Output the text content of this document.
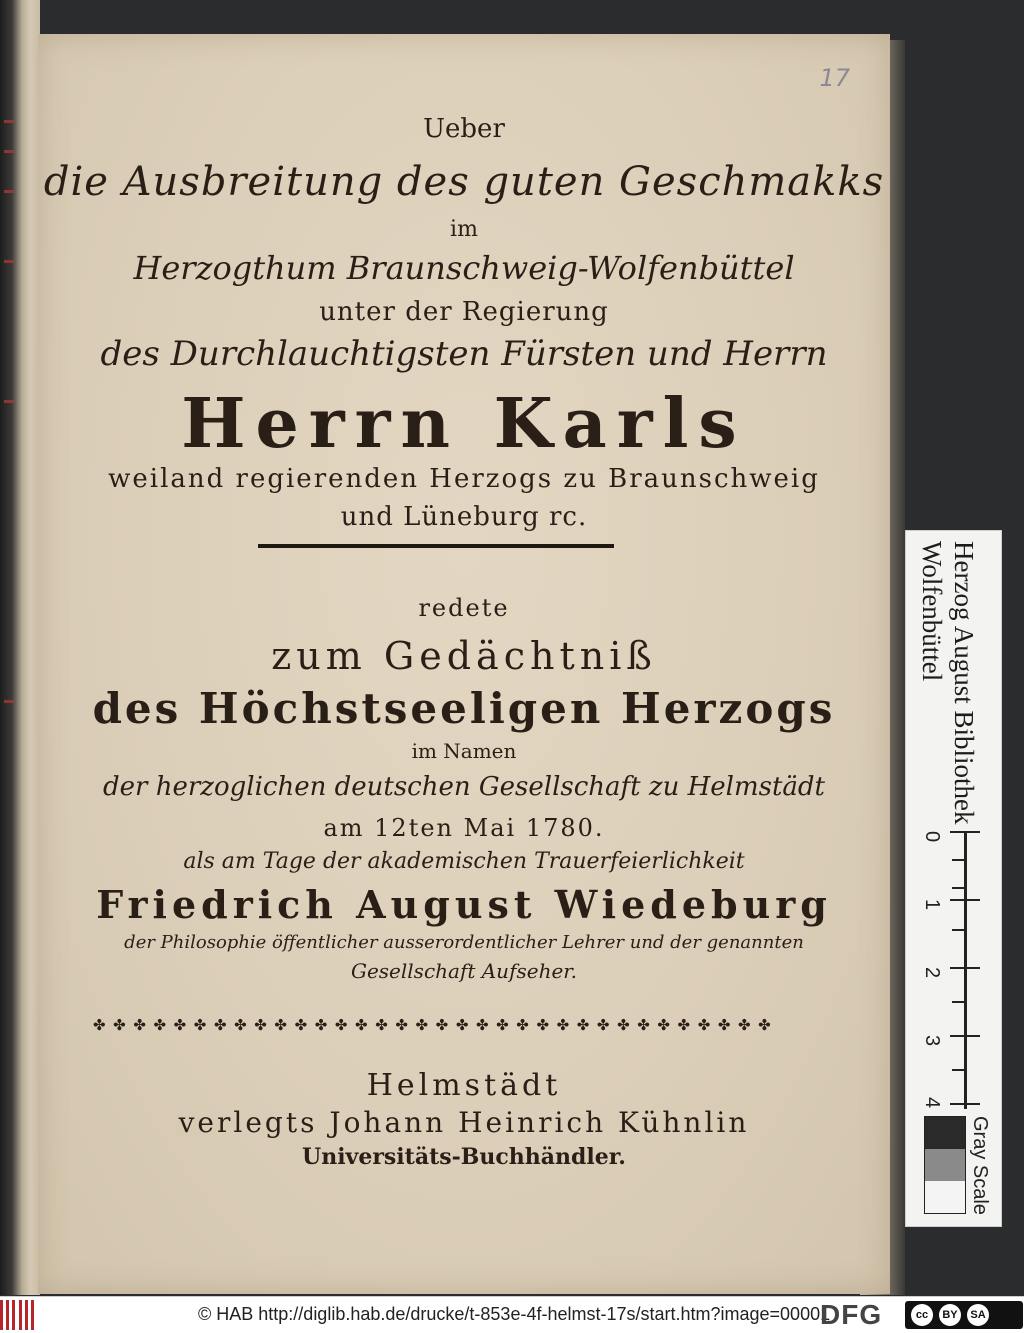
17
Ueber
die Ausbreitung des guten Geschmakks
im
Herzogthum Braunschweig-Wolfenbüttel
unter der Regierung
des Durchlauchtigsten Fürsten und Herrn
Herrn Karls
weiland regierenden Herzogs zu Braunschweig
und Lüneburg rc.
redete
zum Gedächtniß
des Höchstseeligen Herzogs
im Namen
der herzoglichen deutschen Gesellschaft zu Helmstädt
am 12ten Mai 1780.
als am Tage der akademischen Trauerfeierlichkeit
Friedrich August Wiedeburg
der Philosophie öffentlicher ausserordentlicher Lehrer und der genannten
Gesellschaft Aufseher.
✤ ✤ ✤ ✤ ✤ ✤ ✤ ✤ ✤ ✤ ✤ ✤ ✤ ✤ ✤ ✤ ✤ ✤ ✤ ✤ ✤ ✤ ✤ ✤ ✤ ✤ ✤ ✤ ✤ ✤ ✤ ✤ ✤ ✤
Helmstädt
verlegts Johann Heinrich Kühnlin
Universitäts-Buchhändler.
Herzog August Bibliothek
Wolfenbüttel
0
1
2
3
4
Gray Scale
© HAB http://diglib.hab.de/drucke/t-853e-4f-helmst-17s/start.htm?image=00001
DFG	cc	BY	SA
